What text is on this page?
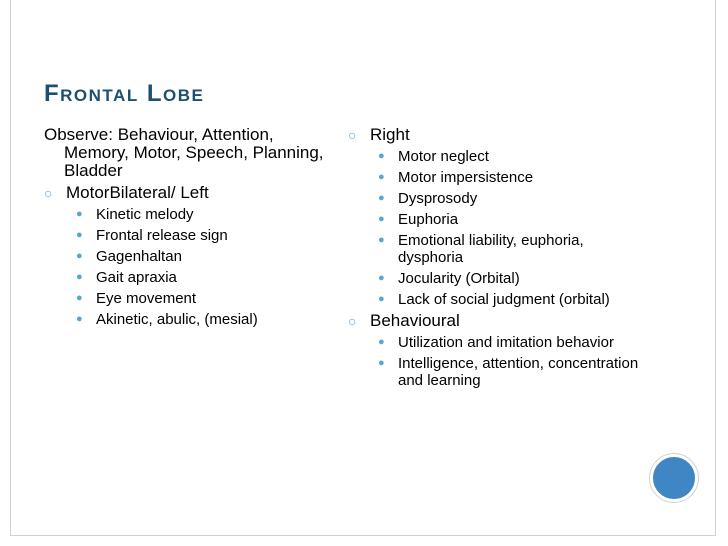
Frontal Lobe
Observe: Behaviour, Attention, Memory, Motor, Speech, Planning, Bladder
○ MotorBilateral/ Left
● Kinetic melody
● Frontal release sign
● Gagenhaltan
● Gait apraxia
● Eye movement
● Akinetic, abulic, (mesial)
○ Right
● Motor neglect
● Motor impersistence
● Dysprosody
● Euphoria
● Emotional liability, euphoria, dysphoria
● Jocularity (Orbital)
● Lack of social judgment (orbital)
○ Behavioural
● Utilization and imitation behavior
● Intelligence, attention, concentration and learning
